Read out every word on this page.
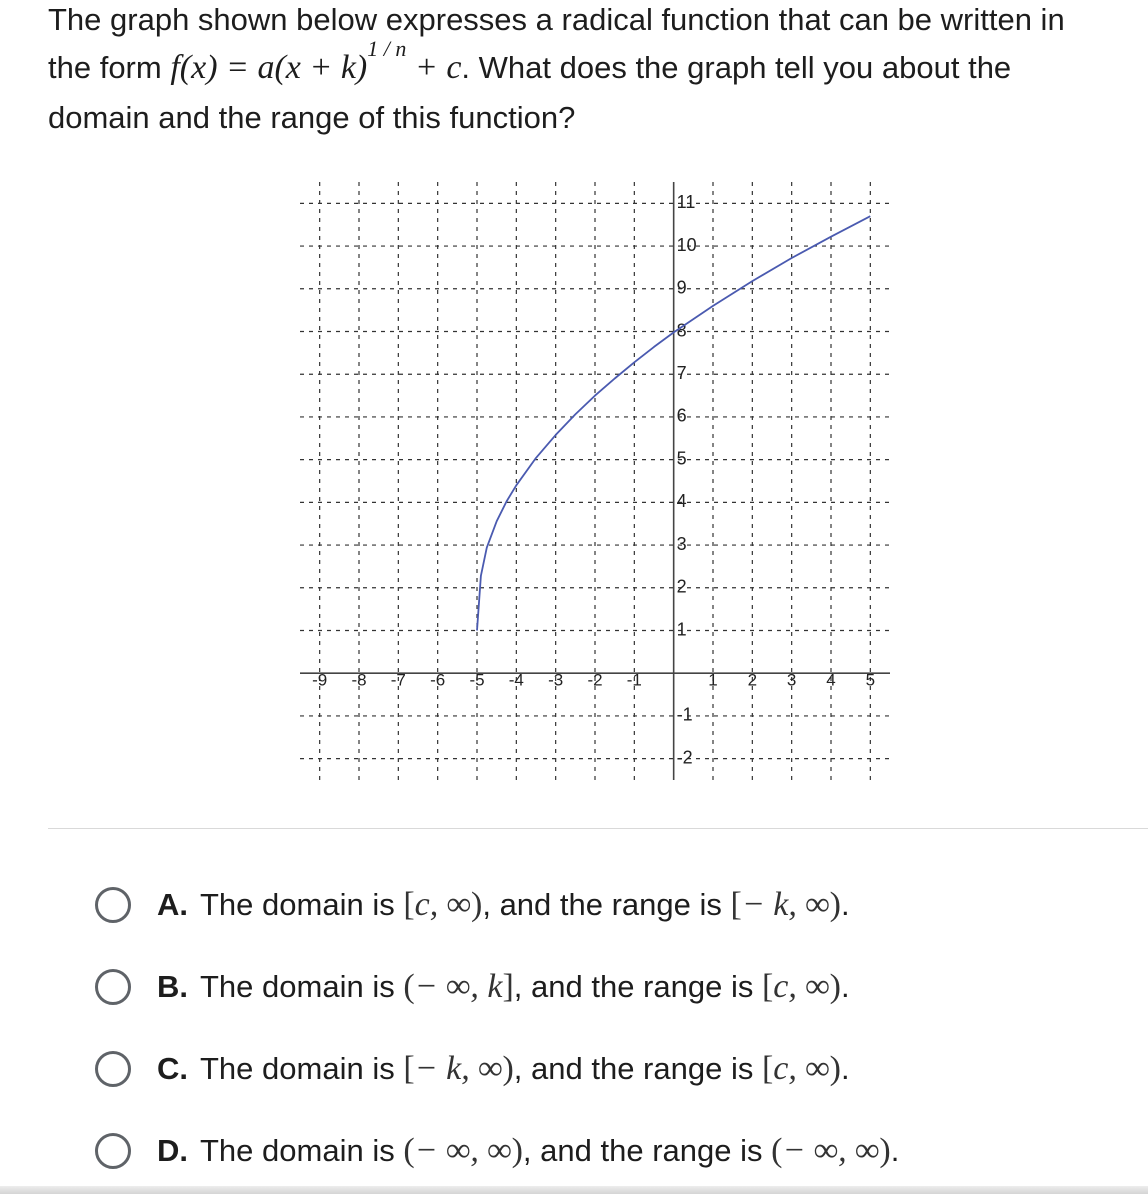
The graph shown below expresses a radical function that can be written in
the form $f(x) = a(x + k)^{1 / n} + c$. What does the graph tell you about the
domain and the range of this function?
-9 -8 -7 -6 -5 -4 -3 -2 -1	1 2 3 4 5
11
10
9
8
7
6
5
4
3
2
1
-1
-2
A. The domain is [c, ∞), and the range is [− k, ∞).
B. The domain is (− ∞, k], and the range is [c, ∞).
C. The domain is [− k, ∞), and the range is [c, ∞).
D. The domain is (− ∞, ∞), and the range is (− ∞, ∞).
